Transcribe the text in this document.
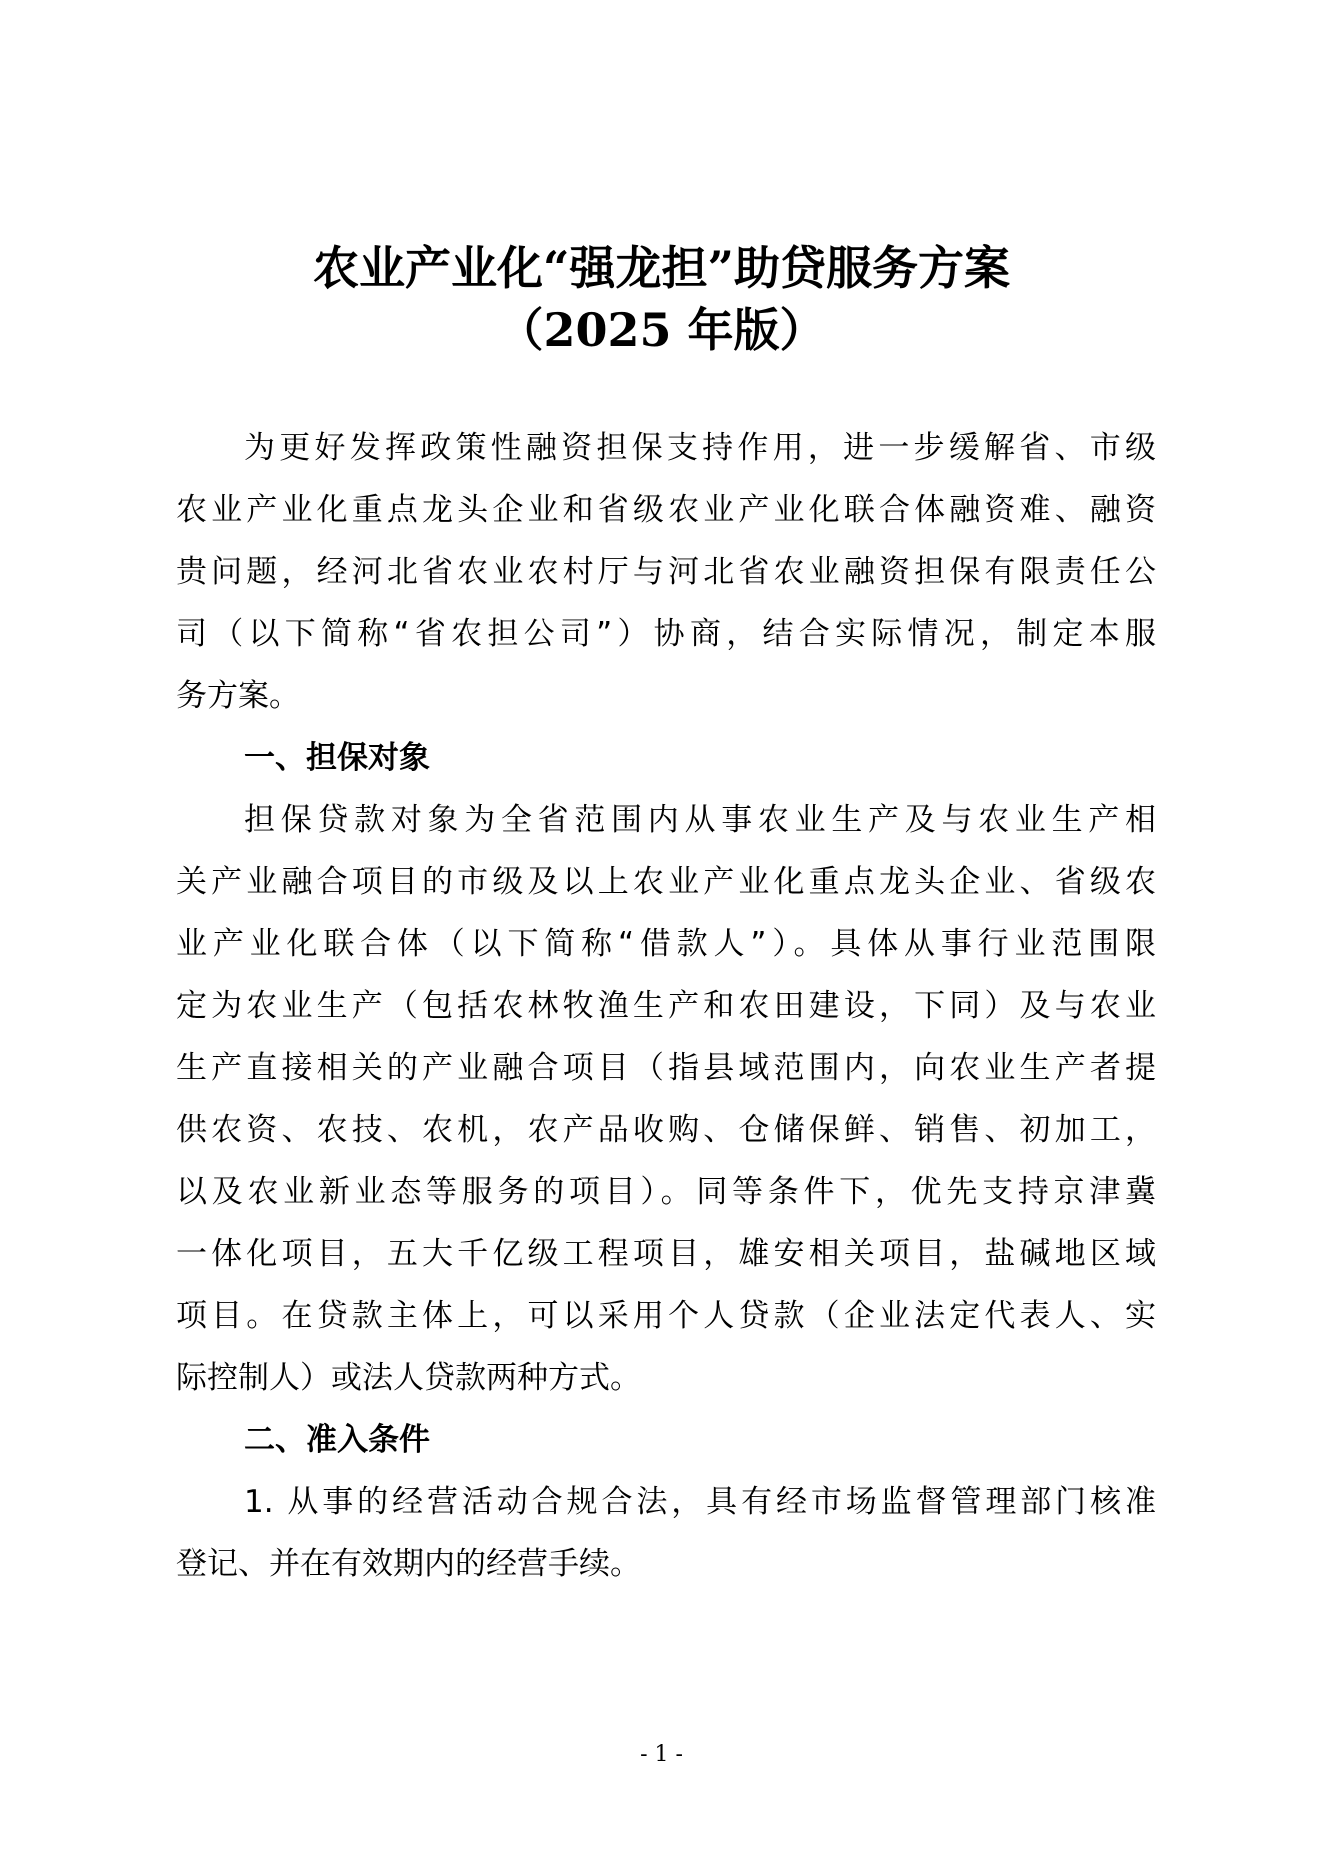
农业产业化“强龙担”助贷服务方案
（2025 年版）
为更好发挥政策性融资担保支持作用，进一步缓解省、市级
农业产业化重点龙头企业和省级农业产业化联合体融资难、融资
贵问题，经河北省农业农村厅与河北省农业融资担保有限责任公
司（以下简称“省农担公司”）协商，结合实际情况，制定本服
务方案。
一、担保对象
担保贷款对象为全省范围内从事农业生产及与农业生产相
关产业融合项目的市级及以上农业产业化重点龙头企业、省级农
业产业化联合体（以下简称“借款人”）。具体从事行业范围限
定为农业生产（包括农林牧渔生产和农田建设，下同）及与农业
生产直接相关的产业融合项目（指县域范围内，向农业生产者提
供农资、农技、农机，农产品收购、仓储保鲜、销售、初加工，
以及农业新业态等服务的项目）。同等条件下，优先支持京津冀
一体化项目，五大千亿级工程项目，雄安相关项目，盐碱地区域
项目。在贷款主体上，可以采用个人贷款（企业法定代表人、实
际控制人）或法人贷款两种方式。
二、准入条件
1. 从事的经营活动合规合法，具有经市场监督管理部门核准
登记、并在有效期内的经营手续。
- 1 -
